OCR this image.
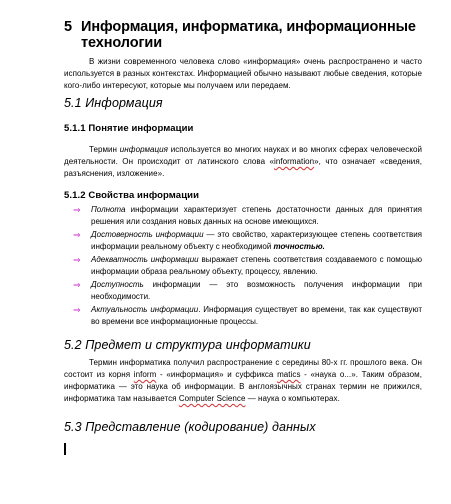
5 Информация, информатика, информационные
технологии
В жизни современного человека слово «информация» очень распространено и часто используется в разных контекстах. Информацией обычно называют любые сведения, которые кого-либо интересуют, которые мы получаем или передаем.
5.1 Информация
5.1.1 Понятие информации
Термин информация используется во многих науках и во многих сферах человеческой деятельности. Он происходит от латинского слова «information», что означает «сведения, разъяснения, изложение».
5.1.2 Свойства информации
⇒ Полнота информации характеризует степень достаточности данных для принятия решения или создания новых данных на основе имеющихся.
⇒ Достоверность информации — это свойство, характеризующее степень соответствия информации реальному объекту с необходимой точностью.
⇒ Адекватность информации выражает степень соответствия создаваемого с помощью информации образа реальному объекту, процессу, явлению.
⇒ Доступность информации — это возможность получения информации при необходимости.
⇒ Актуальность информации. Информация существует во времени, так как существуют во времени все информационные процессы.
5.2 Предмет и структура информатики
Термин информатика получил распространение с середины 80-х гг. прошлого века. Он состоит из корня inform - «информация» и суффикса matics - «наука о...». Таким образом, информатика — это наука об информации. В англоязычных странах термин не прижился, информатика там называется Computer Science — наука о компьютерах.
5.3 Представление (кодирование) данных
